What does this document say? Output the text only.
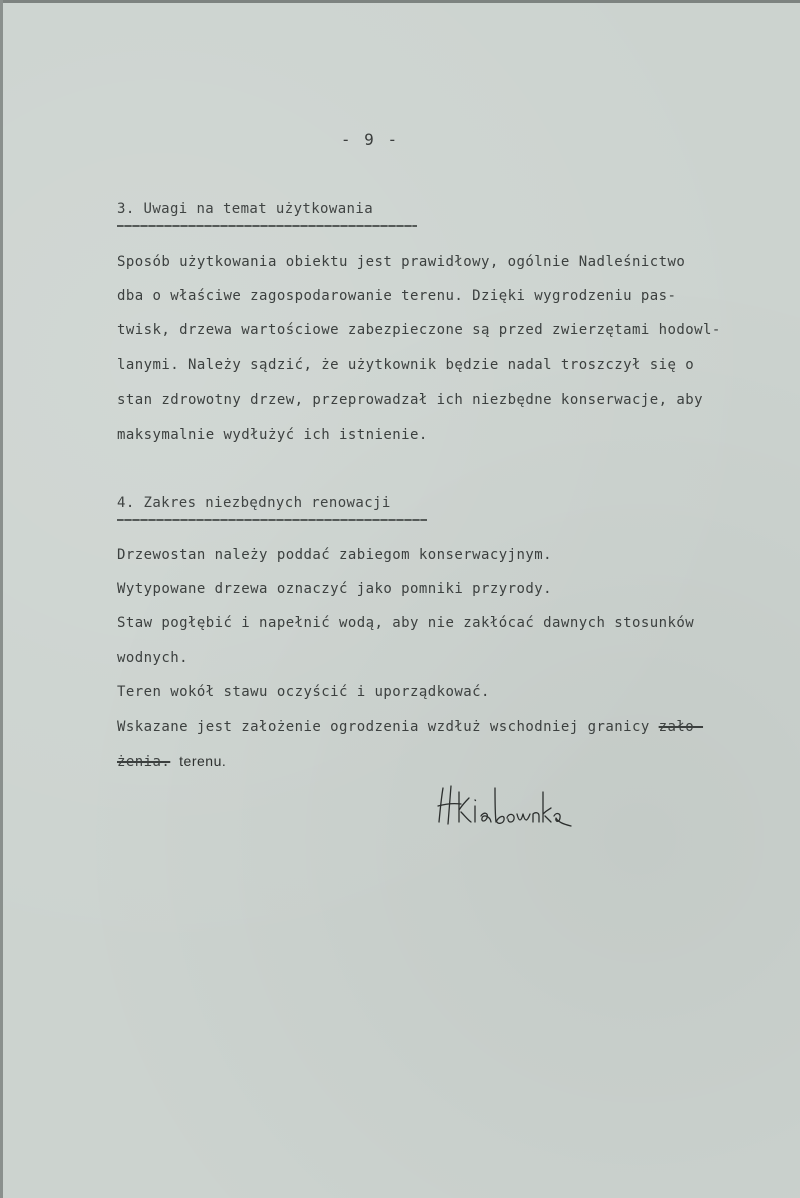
- 9 -
3. Uwagi na temat użytkowania
Sposób użytkowania obiektu jest prawidłowy, ogólnie Nadleśnictwo
dba o właściwe zagospodarowanie terenu. Dzięki wygrodzeniu pas-
twisk, drzewa wartościowe zabezpieczone są przed zwierzętami hodowl-
lanymi. Należy sądzić, że użytkownik będzie nadal troszczył się o
stan zdrowotny drzew, przeprowadzał ich niezbędne konserwacje, aby
maksymalnie wydłużyć ich istnienie.
4. Zakres niezbędnych renowacji
Drzewostan należy poddać zabiegom konserwacyjnym.
Wytypowane drzewa oznaczyć jako pomniki przyrody.
Staw pogłębić i napełnić wodą, aby nie zakłócać dawnych stosunków
wodnych.
Teren wokół stawu oczyścić i uporządkować.
Wskazane jest założenie ogrodzenia wzdłuż wschodniej granicy zało-
żenia. terenu.
